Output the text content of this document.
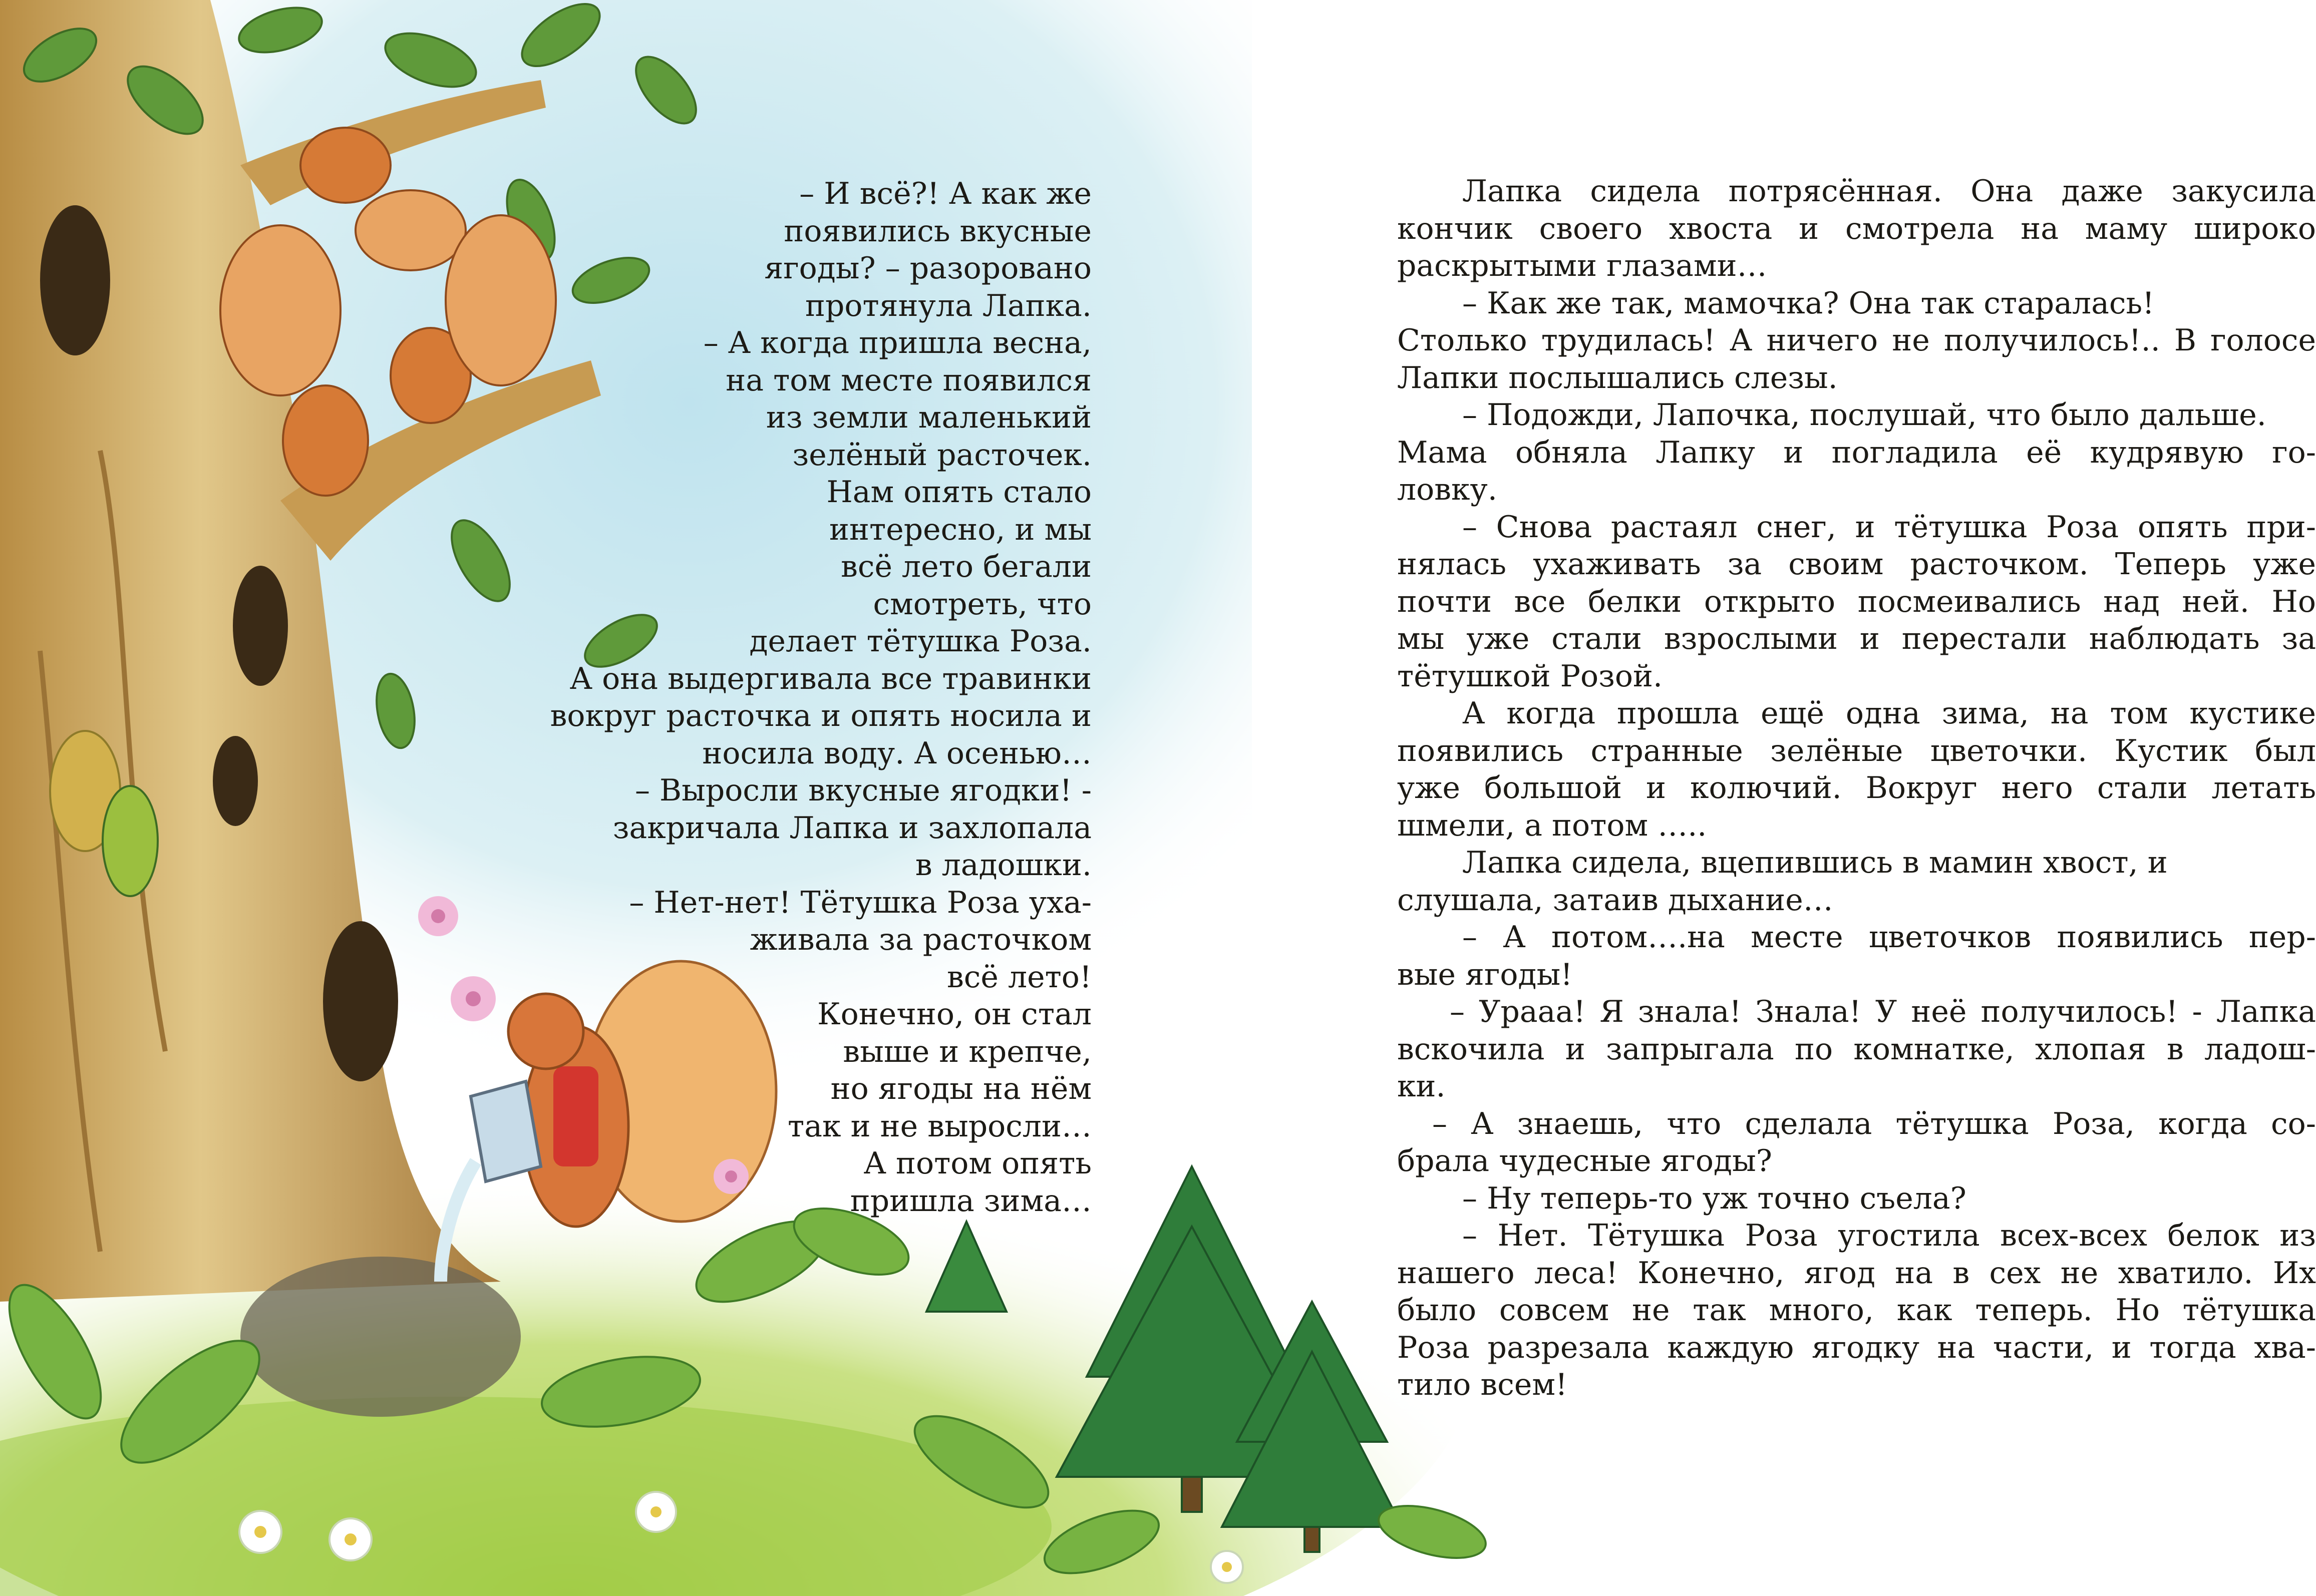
– И всё?! А как же
появились вкусные
ягоды? – разоровано
протянула Лапка.
– А когда пришла весна,
на том месте появился
из земли маленький
зелёный расточек.
Нам опять стало
интересно, и мы
всё лето бегали
смотреть, что
делает тётушка Роза.
А она выдергивала все травинки
вокруг расточка и опять носила и
носила воду. А осенью…
– Выросли вкусные ягодки! -
закричала Лапка и захлопала
в ладошки.
– Нет-нет! Тётушка Роза уха-
живала за расточком
всё лето!
Конечно, он стал
выше и крепче,
но ягоды на нём
так и не выросли…
А потом опять
пришла зима…
Лапка сидела потрясённая. Она даже закусила
кончик своего хвоста и смотрела на маму широко
раскрытыми глазами…
– Как же так, мамочка? Она так старалась!
Столько трудилась! А ничего не получилось!.. В голосе
Лапки послышались слезы.
– Подожди, Лапочка, послушай, что было дальше.
Мама обняла Лапку и погладила её кудрявую го-
ловку.
– Снова растаял снег, и тётушка Роза опять при-
нялась ухаживать за своим расточком. Теперь уже
почти все белки открыто посмеивались над ней. Но
мы уже стали взрослыми и перестали наблюдать за
тётушкой Розой.
А когда прошла ещё одна зима, на том кустике
появились странные зелёные цветочки. Кустик был
уже большой и колючий. Вокруг него стали летать
шмели, а потом …..
Лапка сидела, вцепившись в мамин хвост, и
слушала, затаив дыхание…
– А потом….на месте цветочков появились пер-
вые ягоды!
– Урааа! Я знала! Знала! У неё получилось! - Лапка
вскочила и запрыгала по комнатке, хлопая в ладош-
ки.
– А знаешь, что сделала тётушка Роза, когда со-
брала чудесные ягоды?
– Ну теперь-то уж точно съела?
– Нет. Тётушка Роза угостила всех-всех белок из
нашего леса! Конечно, ягод на в сех не хватило. Их
было совсем не так много, как теперь. Но тётушка
Роза разрезала каждую ягодку на части, и тогда хва-
тило всем!
